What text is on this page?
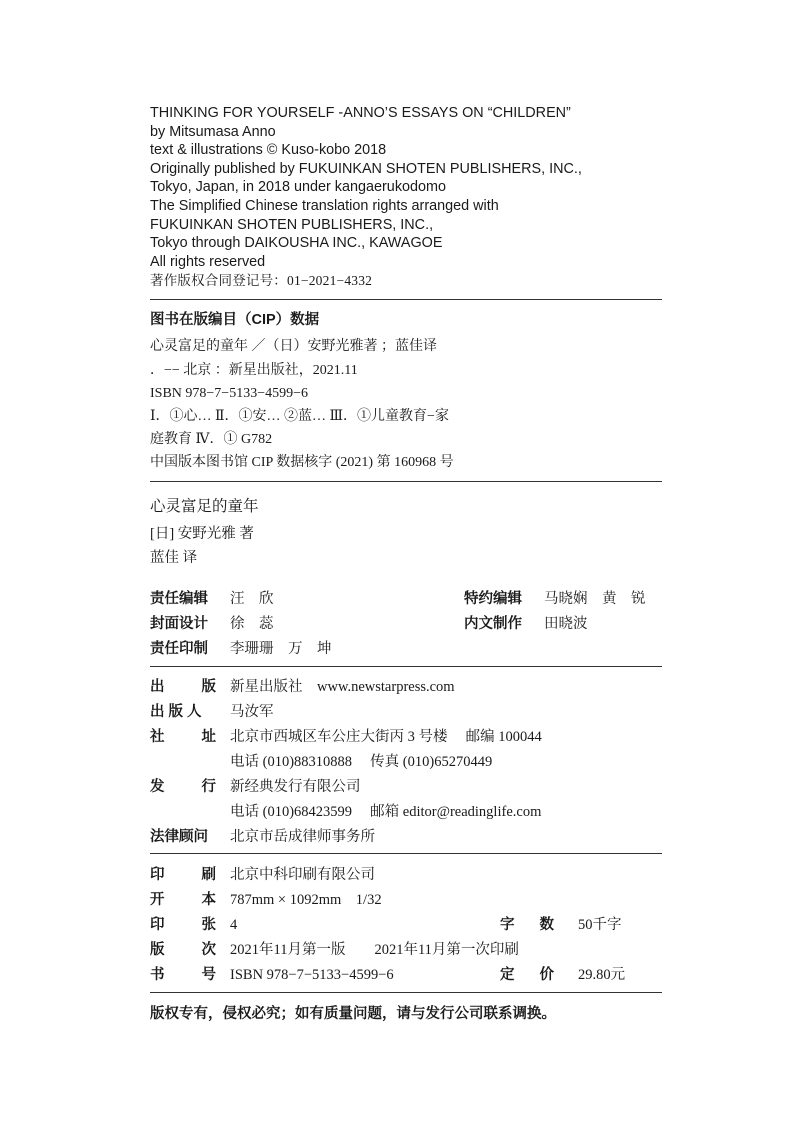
THINKING FOR YOURSELF -ANNO’S ESSAYS ON “CHILDREN”
by Mitsumasa Anno
text & illustrations © Kuso-kobo 2018
Originally published by FUKUINKAN SHOTEN PUBLISHERS, INC.,
Tokyo, Japan, in 2018 under kangaerukodomo
The Simplified Chinese translation rights arranged with
FUKUINKAN SHOTEN PUBLISHERS, INC.,
Tokyo through DAIKOUSHA INC., KAWAGOE
All rights reserved
著作版权合同登记号：01−2021−4332
图书在版编目（CIP）数据
心灵富足的童年 ／（日）安野光雅著 ；蓝佳译
．−− 北京 ：新星出版社，2021.11
ISBN 978−7−5133−4599−6
Ⅰ．①心… Ⅱ．①安… ②蓝… Ⅲ．①儿童教育−家
庭教育 Ⅳ．① G782
中国版本图书馆 CIP 数据核字 (2021) 第 160968 号
心灵富足的童年
[日] 安野光雅 著
蓝佳 译
责任编辑	汪　欣	特约编辑	马晓娴　黄　锐
封面设计	徐　蕊	内文制作	田晓波
责任印制	李珊珊　万　坤
出	版 新星出版社　www.newstarpress.com
出 版 人	马汝军
社	址 北京市西城区车公庄大街丙 3 号楼　 邮编 100044
电话 (010)88310888　 传真 (010)65270449
发	行 新经典发行有限公司
电话 (010)68423599　 邮箱 editor@readinglife.com
法律顾问	北京市岳成律师事务所
印	刷 北京中科印刷有限公司
开	本 787mm × 1092mm　1/32
印	张 4	字 数 50千字
版	次 2021年11月第一版　　2021年11月第一次印刷
书	号 ISBN 978−7−5133−4599−6	定 价 29.80元
版权专有，侵权必究；如有质量问题，请与发行公司联系调换。
